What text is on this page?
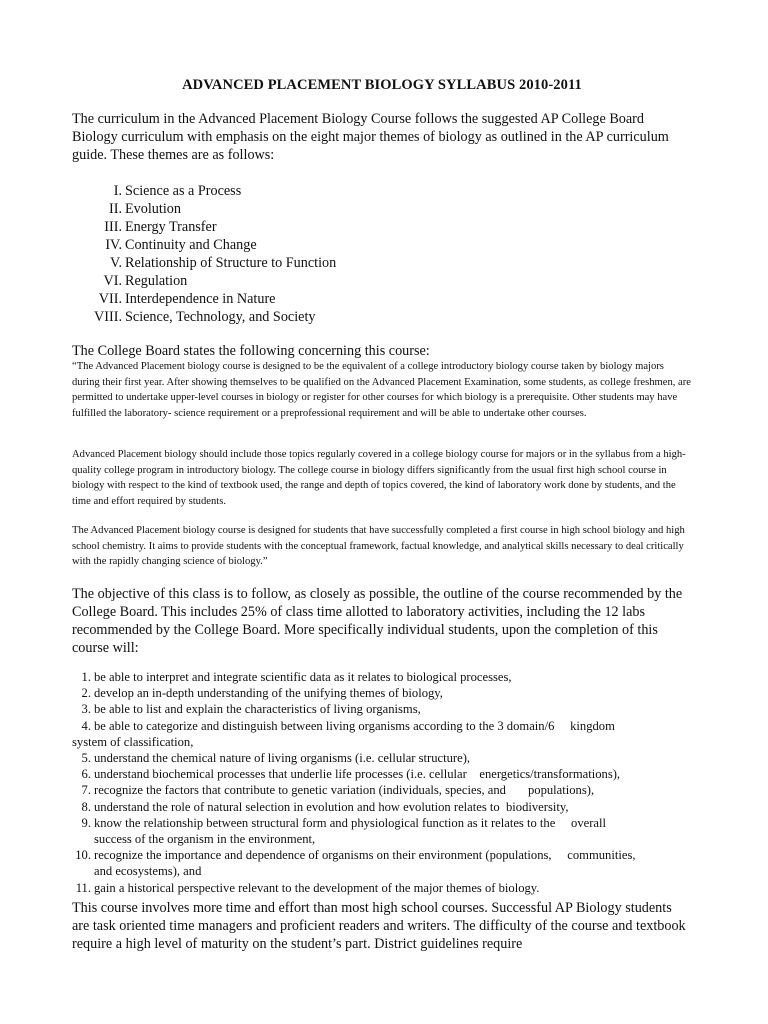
ADVANCED PLACEMENT BIOLOGY SYLLABUS 2010-2011

The curriculum in the Advanced Placement Biology Course follows the suggested AP College Board Biology curriculum with emphasis on the eight major themes of biology as outlined in the AP curriculum guide. These themes are as follows:

I. Science as a Process
II. Evolution
III. Energy Transfer
IV. Continuity and Change
V. Relationship of Structure to Function
VI. Regulation
VII. Interdependence in Nature
VIII. Science, Technology, and Society

The College Board states the following concerning this course:

“The Advanced Placement biology course is designed to be the equivalent of a college introductory biology course taken by biology majors during their first year. After showing themselves to be qualified on the Advanced Placement Examination, some students, as college freshmen, are permitted to undertake upper-level courses in biology or register for other courses for which biology is a prerequisite. Other students may have fulfilled the laboratory- science requirement or a preprofessional requirement and will be able to undertake other courses.

Advanced Placement biology should include those topics regularly covered in a college biology course for majors or in the syllabus from a high-quality college program in introductory biology. The college course in biology differs significantly from the usual first high school course in biology with respect to the kind of textbook used, the range and depth of topics covered, the kind of laboratory work done by students, and the time and effort required by students.

The Advanced Placement biology course is designed for students that have successfully completed a first course in high school biology and high school chemistry. It aims to provide students with the conceptual framework, factual knowledge, and analytical skills necessary to deal critically with the rapidly changing science of biology.”

The objective of this class is to follow, as closely as possible, the outline of the course recommended by the College Board. This includes 25% of class time allotted to laboratory activities, including the 12 labs recommended by the College Board. More specifically individual students, upon the completion of this course will:

1. be able to interpret and integrate scientific data as it relates to biological processes,
2. develop an in-depth understanding of the unifying themes of biology,
3. be able to list and explain the characteristics of living organisms,
4. be able to categorize and distinguish between living organisms according to the 3 domain/6     kingdom
system of classification,
5. understand the chemical nature of living organisms (i.e. cellular structure),
6. understand biochemical processes that underlie life processes (i.e. cellular    energetics/transformations),
7. recognize the factors that contribute to genetic variation (individuals, species, and       populations),
8. understand the role of natural selection in evolution and how evolution relates to  biodiversity,
9. know the relationship between structural form and physiological function as it relates to the     overall
success of the organism in the environment,
10. recognize the importance and dependence of organisms on their environment (populations,     communities,
and ecosystems), and
11. gain a historical perspective relevant to the development of the major themes of biology.

This course involves more time and effort than most high school courses. Successful AP Biology students are task oriented time managers and proficient readers and writers. The difficulty of the course and textbook require a high level of maturity on the student’s part. District guidelines require
